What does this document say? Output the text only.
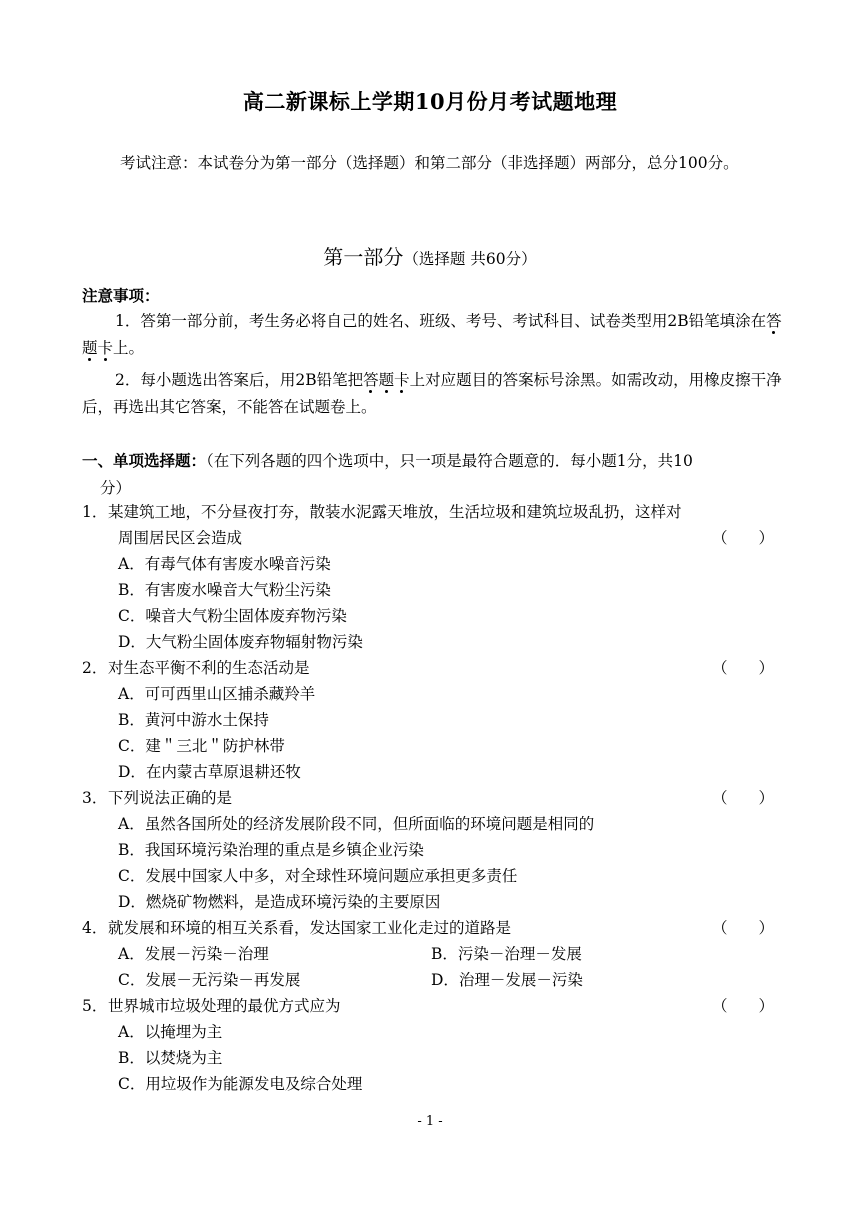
高二新课标上学期10月份月考试题地理
考试注意：本试卷分为第一部分（选择题）和第二部分（非选择题）两部分，总分100分。
第一部分（选择题 共60分）
注意事项：
1．答第一部分前，考生务必将自己的姓名、班级、考号、考试科目、试卷类型用2B铅笔填涂在答题卡上。
2．每小题选出答案后，用2B铅笔把答题卡上对应题目的答案标号涂黑。如需改动，用橡皮擦干净后，再选出其它答案，不能答在试题卷上。
一、单项选择题：（在下列各题的四个选项中，只一项是最符合题意的．每小题1分，共10
分）
1．某建筑工地，不分昼夜打夯，散装水泥露天堆放，生活垃圾和建筑垃圾乱扔，这样对
周围居民区会造成	（　　）
A．有毒气体有害废水噪音污染
B．有害废水噪音大气粉尘污染
C．噪音大气粉尘固体废弃物污染
D．大气粉尘固体废弃物辐射物污染
2．对生态平衡不利的生态活动是	（　　）
A．可可西里山区捕杀藏羚羊
B．黄河中游水土保持
C．建＂三北＂防护林带
D．在内蒙古草原退耕还牧
3．下列说法正确的是	（　　）
A．虽然各国所处的经济发展阶段不同，但所面临的环境问题是相同的
B．我国环境污染治理的重点是乡镇企业污染
C．发展中国家人中多，对全球性环境问题应承担更多责任
D．燃烧矿物燃料，是造成环境污染的主要原因
4．就发展和环境的相互关系看，发达国家工业化走过的道路是	（　　）
A．发展－污染－治理	B．污染－治理－发展
C．发展－无污染－再发展	D．治理－发展－污染
5．世界城市垃圾处理的最优方式应为	（　　）
A．以掩埋为主
B．以焚烧为主
C．用垃圾作为能源发电及综合处理
- 1 -
